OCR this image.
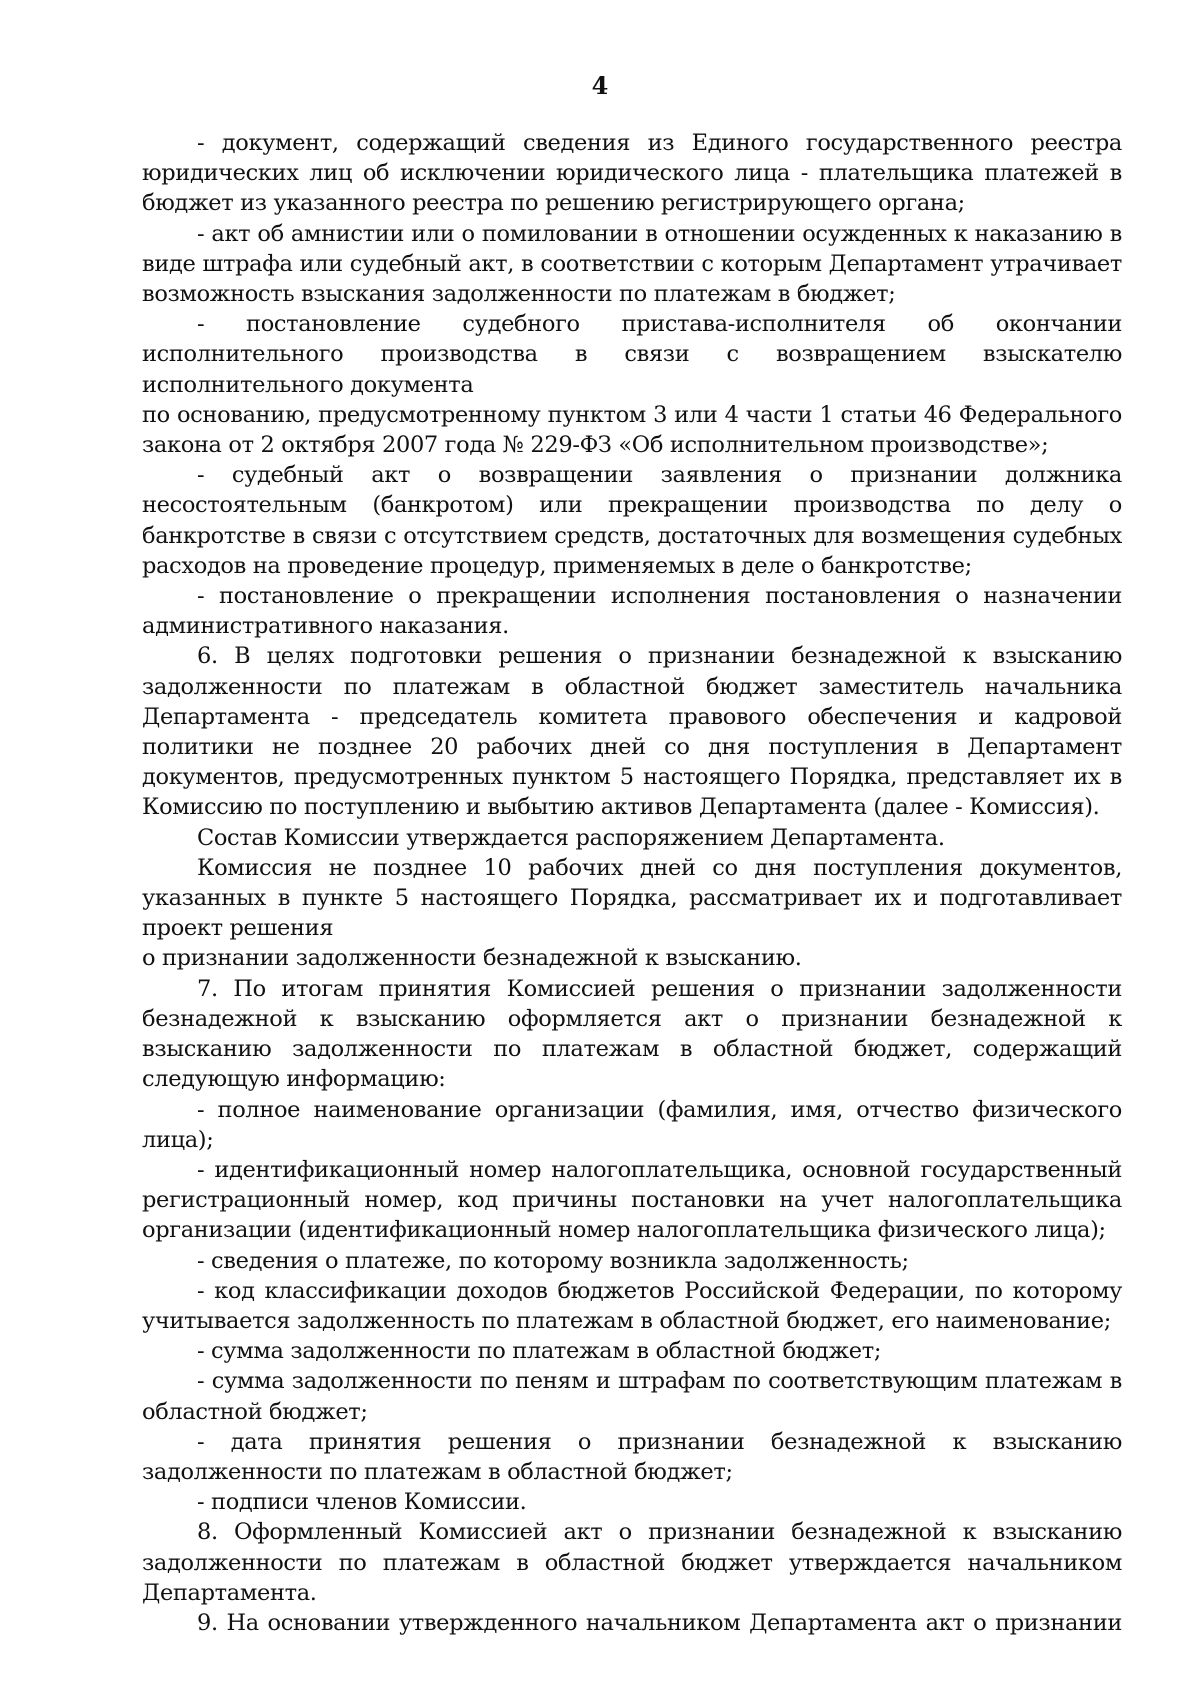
4

- документ, содержащий сведения из Единого государственного реестра юридических лиц об исключении юридического лица - плательщика платежей в бюджет из указанного реестра по решению регистрирующего органа;

- акт об амнистии или о помиловании в отношении осужденных к наказанию в виде штрафа или судебный акт, в соответствии с которым Департамент утрачивает возможность взыскания задолженности по платежам в бюджет;

- постановление судебного пристава-исполнителя об окончании исполнительного производства в связи с возвращением взыскателю исполнительного документа

по основанию, предусмотренному пунктом 3 или 4 части 1 статьи 46 Федерального закона от 2 октября 2007 года № 229-ФЗ «Об исполнительном производстве»;

- судебный акт о возвращении заявления о признании должника несостоятельным (банкротом) или прекращении производства по делу о банкротстве в связи с отсутствием средств, достаточных для возмещения судебных расходов на проведение процедур, применяемых в деле о банкротстве;

- постановление о прекращении исполнения постановления о назначении административного наказания.

6. В целях подготовки решения о признании безнадежной к взысканию задолженности по платежам в областной бюджет заместитель начальника Департамента - председатель комитета правового обеспечения и кадровой политики не позднее 20 рабочих дней со дня поступления в Департамент документов, предусмотренных пунктом 5 настоящего Порядка, представляет их в Комиссию по поступлению и выбытию активов Департамента (далее - Комиссия).

Состав Комиссии утверждается распоряжением Департамента.

Комиссия не позднее 10 рабочих дней со дня поступления документов, указанных в пункте 5 настоящего Порядка, рассматривает их и подготавливает проект решения

о признании задолженности безнадежной к взысканию.

7. По итогам принятия Комиссией решения о признании задолженности безнадежной к взысканию оформляется акт о признании безнадежной к взысканию задолженности по платежам в областной бюджет, содержащий следующую информацию:

- полное наименование организации (фамилия, имя, отчество физического лица);

- идентификационный номер налогоплательщика, основной государственный регистрационный номер, код причины постановки на учет налогоплательщика организации (идентификационный номер налогоплательщика физического лица);

- сведения о платеже, по которому возникла задолженность;

- код классификации доходов бюджетов Российской Федерации, по которому учитывается задолженность по платежам в областной бюджет, его наименование;

- сумма задолженности по платежам в областной бюджет;

- сумма задолженности по пеням и штрафам по соответствующим платежам в областной бюджет;

- дата принятия решения о признании безнадежной к взысканию задолженности по платежам в областной бюджет;

- подписи членов Комиссии.

8. Оформленный Комиссией акт о признании безнадежной к взысканию задолженности по платежам в областной бюджет утверждается начальником Департамента.

9. На основании утвержденного начальником Департамента акт о признании
